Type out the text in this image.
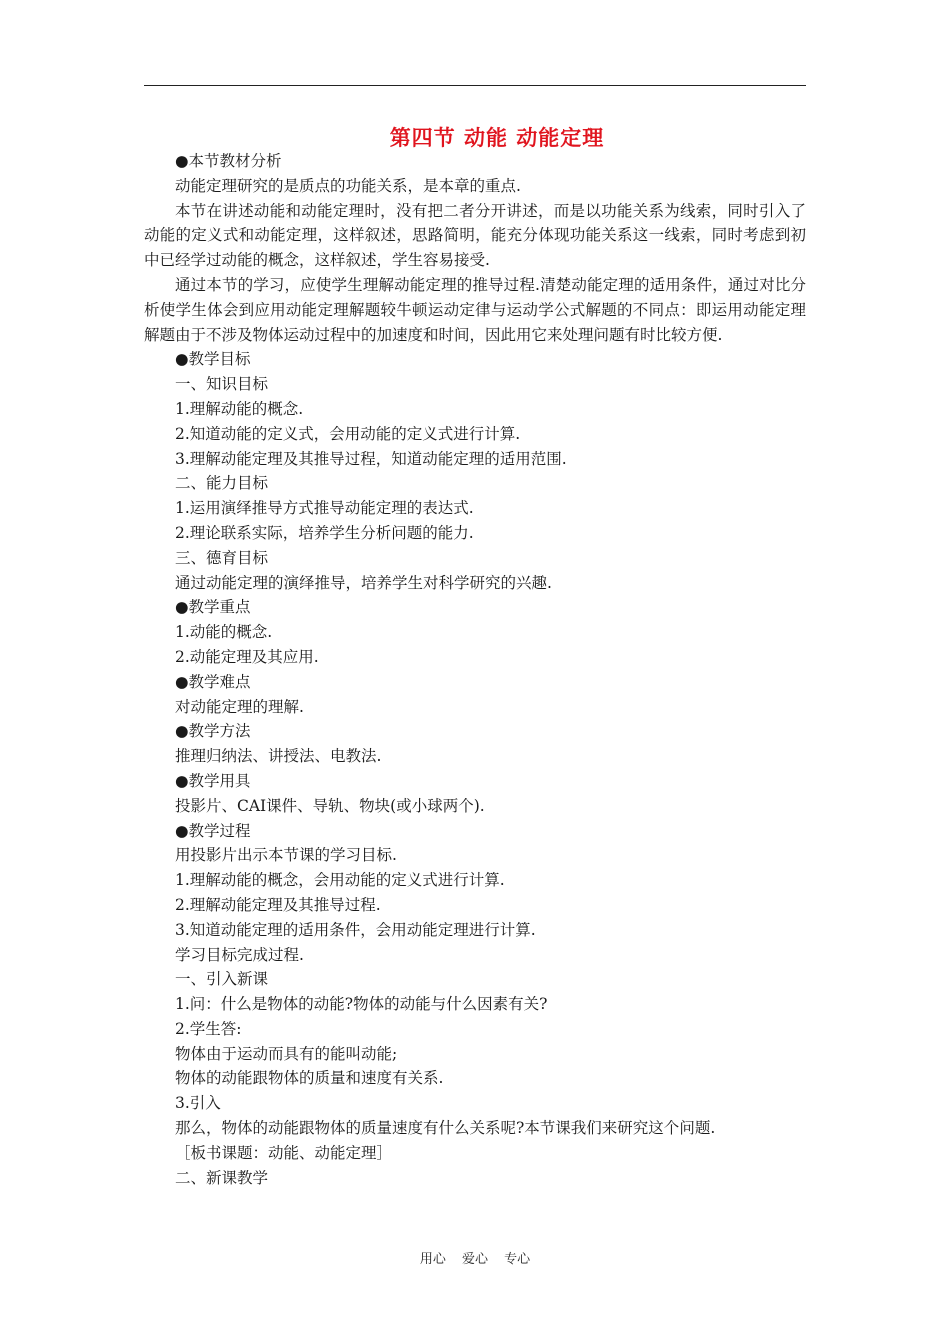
第四节 动能 动能定理
●本节教材分析
动能定理研究的是质点的功能关系，是本章的重点.

本节在讲述动能和动能定理时，没有把二者分开讲述，而是以功能关系为线索，同时引入了动能的定义式和动能定理，这样叙述，思路简明，能充分体现功能关系这一线索，同时考虑到初中已经学过动能的概念，这样叙述，学生容易接受.

通过本节的学习，应使学生理解动能定理的推导过程.清楚动能定理的适用条件，通过对比分析使学生体会到应用动能定理解题较牛顿运动定律与运动学公式解题的不同点：即运用动能定理解题由于不涉及物体运动过程中的加速度和时间，因此用它来处理问题有时比较方便.

●教学目标
一、知识目标
1.理解动能的概念.
2.知道动能的定义式，会用动能的定义式进行计算.
3.理解动能定理及其推导过程，知道动能定理的适用范围.
二、能力目标
1.运用演绎推导方式推导动能定理的表达式.
2.理论联系实际，培养学生分析问题的能力.
三、德育目标
通过动能定理的演绎推导，培养学生对科学研究的兴趣.
●教学重点
1.动能的概念.
2.动能定理及其应用.
●教学难点
对动能定理的理解.
●教学方法
推理归纳法、讲授法、电教法.
●教学用具
投影片、CAI课件、导轨、物块(或小球两个).
●教学过程
用投影片出示本节课的学习目标.
1.理解动能的概念，会用动能的定义式进行计算.
2.理解动能定理及其推导过程.
3.知道动能定理的适用条件，会用动能定理进行计算.
学习目标完成过程.
一、引入新课
1.问：什么是物体的动能?物体的动能与什么因素有关?
2.学生答:
物体由于运动而具有的能叫动能;
物体的动能跟物体的质量和速度有关系.
3.引入
那么，物体的动能跟物体的质量速度有什么关系呢?本节课我们来研究这个问题.
［板书课题：动能、动能定理］
二、新课教学
用心 爱心 专心
